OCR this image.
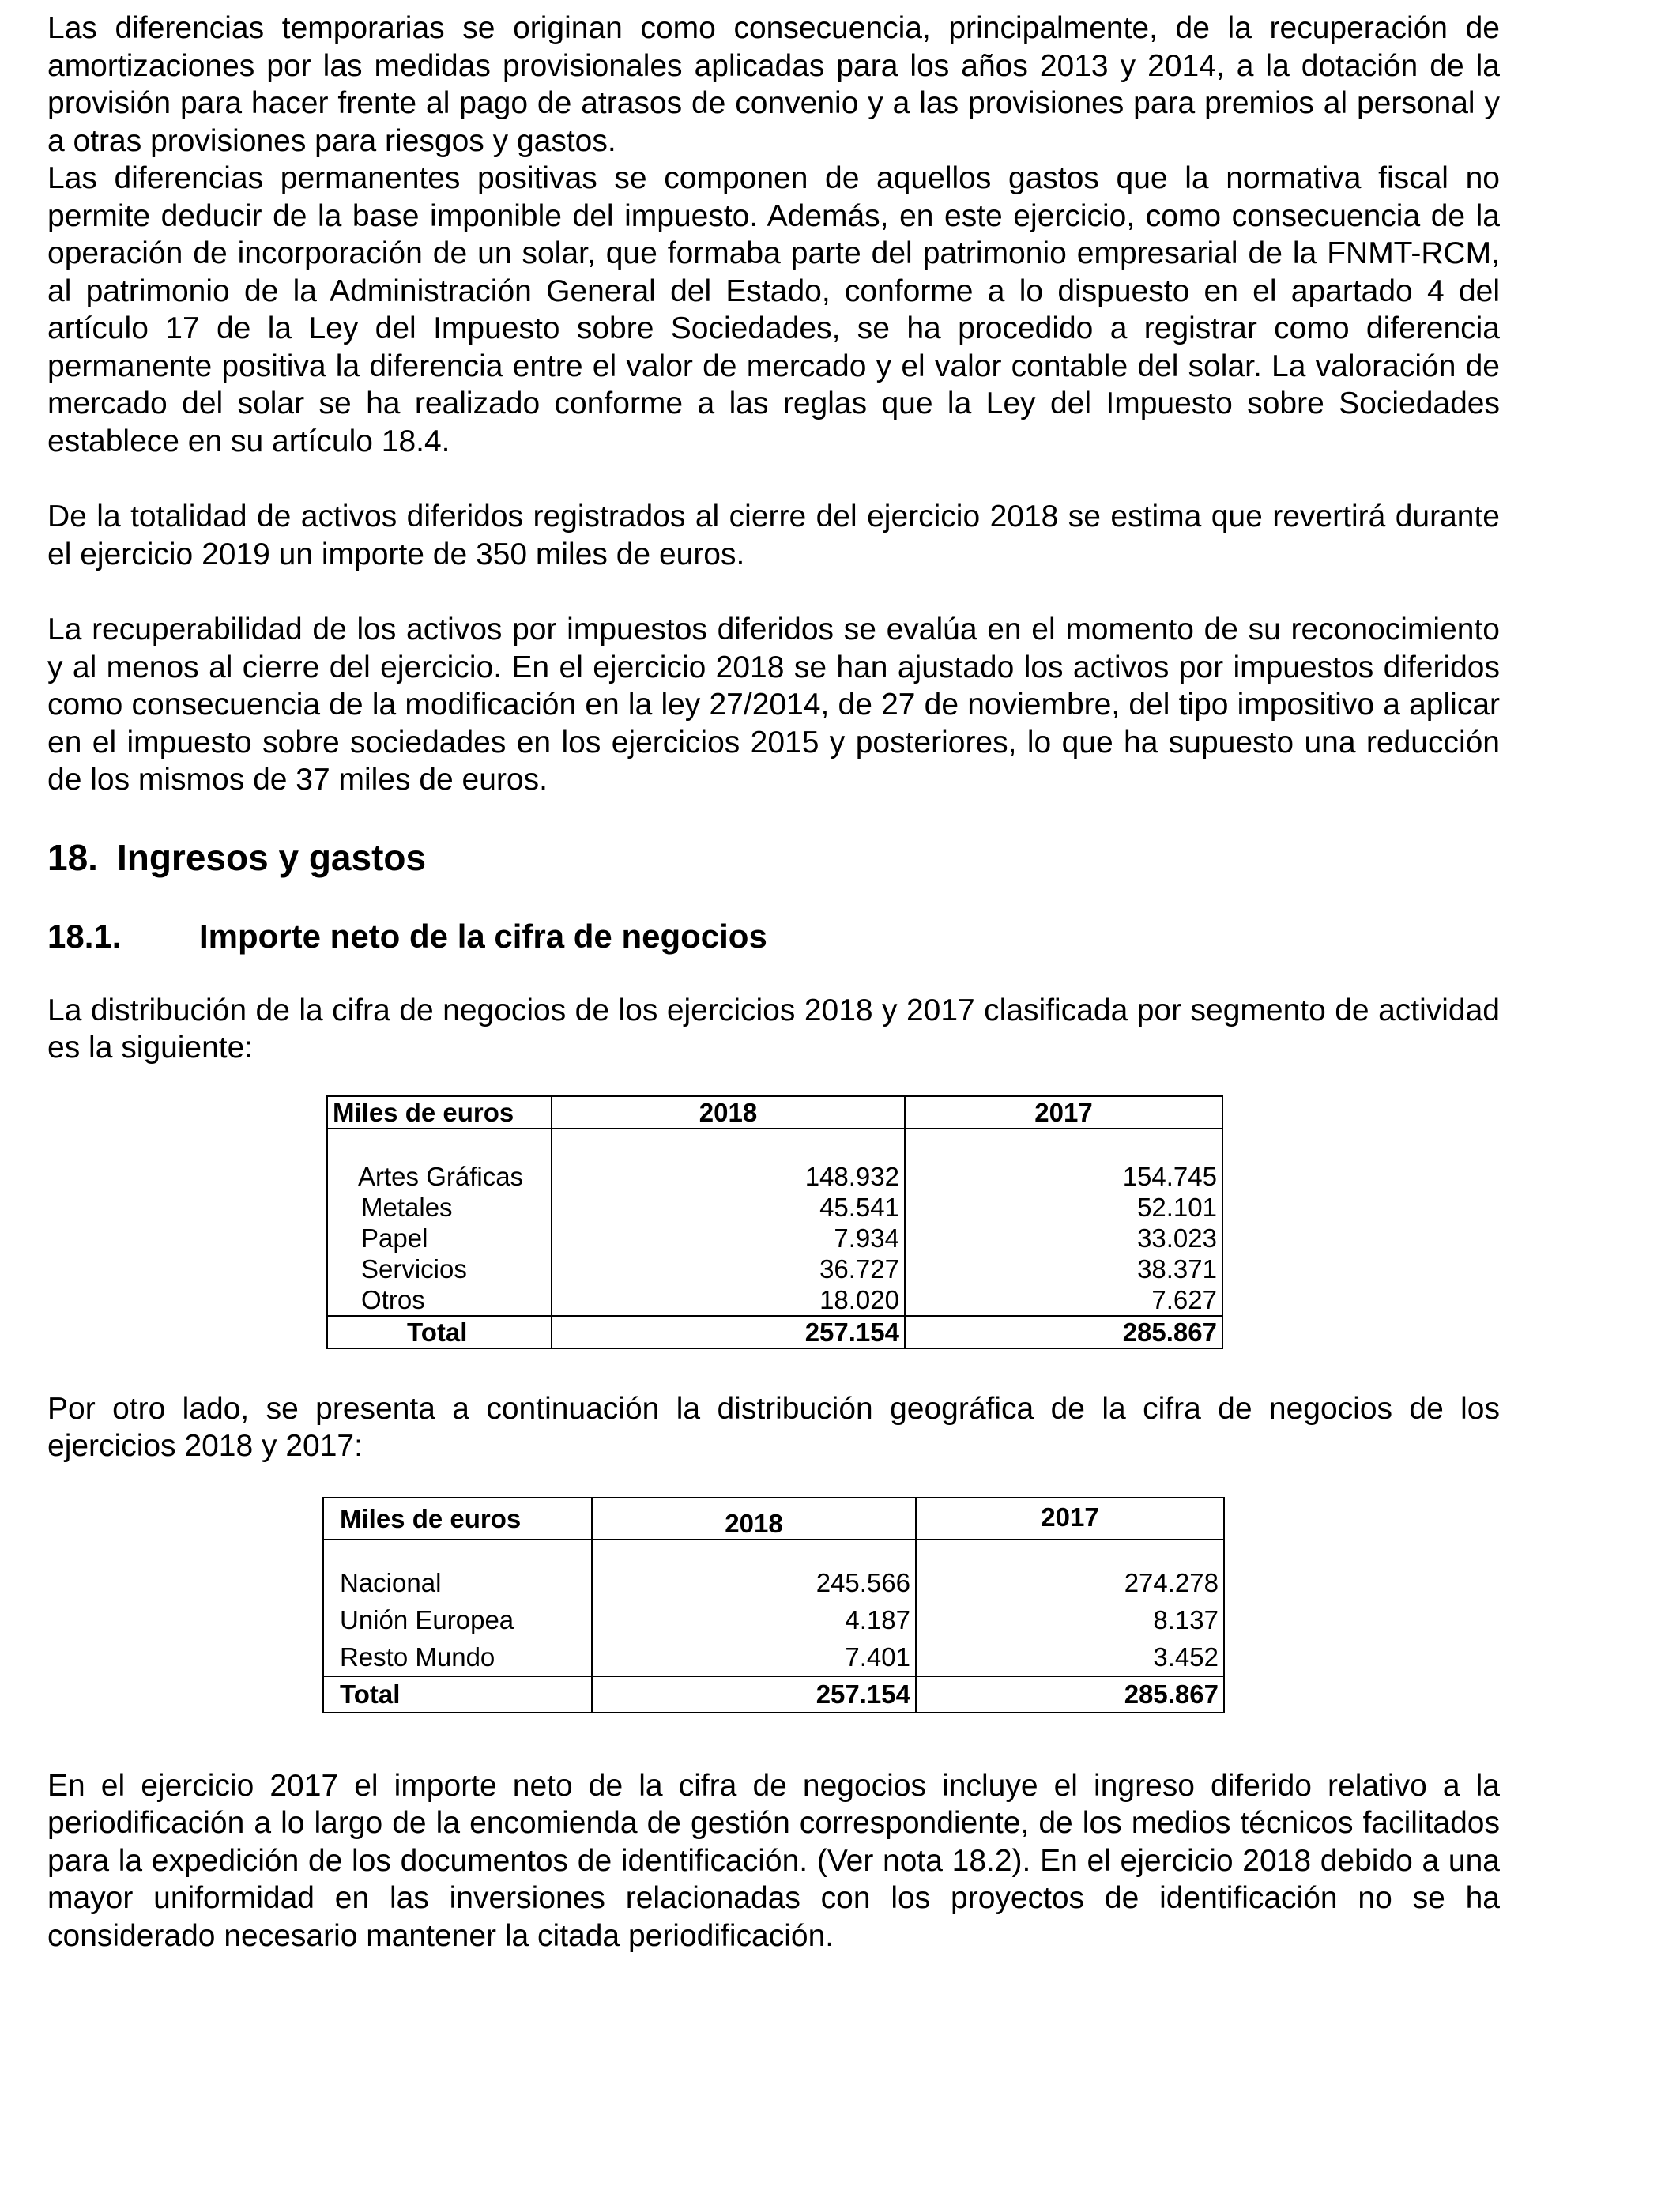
Las diferencias temporarias se originan como consecuencia, principalmente, de la recuperación de amortizaciones por las medidas provisionales aplicadas para los años 2013 y 2014, a la dotación de la provisión para hacer frente al pago de atrasos de convenio y a las provisiones para premios al personal y a otras provisiones para riesgos y gastos.

Las diferencias permanentes positivas se componen de aquellos gastos que la normativa fiscal no permite deducir de la base imponible del impuesto. Además, en este ejercicio, como consecuencia de la operación de incorporación de un solar, que formaba parte del patrimonio empresarial de la FNMT-RCM, al patrimonio de la Administración General del Estado, conforme a lo dispuesto en el apartado 4 del artículo 17 de la Ley del Impuesto sobre Sociedades, se ha procedido a registrar como diferencia permanente positiva la diferencia entre el valor de mercado y el valor contable del solar. La valoración de mercado del solar se ha realizado conforme a las reglas que la Ley del Impuesto sobre Sociedades establece en su artículo 18.4.

De la totalidad de activos diferidos registrados al cierre del ejercicio 2018 se estima que revertirá durante el ejercicio 2019 un importe de 350 miles de euros.

La recuperabilidad de los activos por impuestos diferidos se evalúa en el momento de su reconocimiento y al menos al cierre del ejercicio. En el ejercicio 2018 se han ajustado los activos por impuestos diferidos como consecuencia de la modificación en la ley 27/2014, de 27 de noviembre, del tipo impositivo a aplicar en el impuesto sobre sociedades en los ejercicios 2015 y posteriores, lo que ha supuesto una reducción de los mismos de 37 miles de euros.

18. Ingresos y gastos
18.1.	Importe neto de la cifra de negocios

La distribución de la cifra de negocios de los ejercicios 2018 y 2017 clasificada por segmento de actividad es la siguiente:

Miles de euros	2018	2017

Artes Gráficas	148.932	154.745
Metales	45.541	52.101
Papel	7.934	33.023
Servicios	36.727	38.371
Otros	18.020	7.627
Total	257.154	285.867

Por otro lado, se presenta a continuación la distribución geográfica de la cifra de negocios de los ejercicios 2018 y 2017:

Miles de euros	2018	2017

Nacional	245.566	274.278
Unión Europea	4.187	8.137
Resto Mundo	7.401	3.452
Total	257.154	285.867

En el ejercicio 2017 el importe neto de la cifra de negocios incluye el ingreso diferido relativo a la periodificación a lo largo de la encomienda de gestión correspondiente, de los medios técnicos facilitados para la expedición de los documentos de identificación. (Ver nota 18.2). En el ejercicio 2018 debido a una mayor uniformidad en las inversiones relacionadas con los proyectos de identificación no se ha considerado necesario mantener la citada periodificación.
